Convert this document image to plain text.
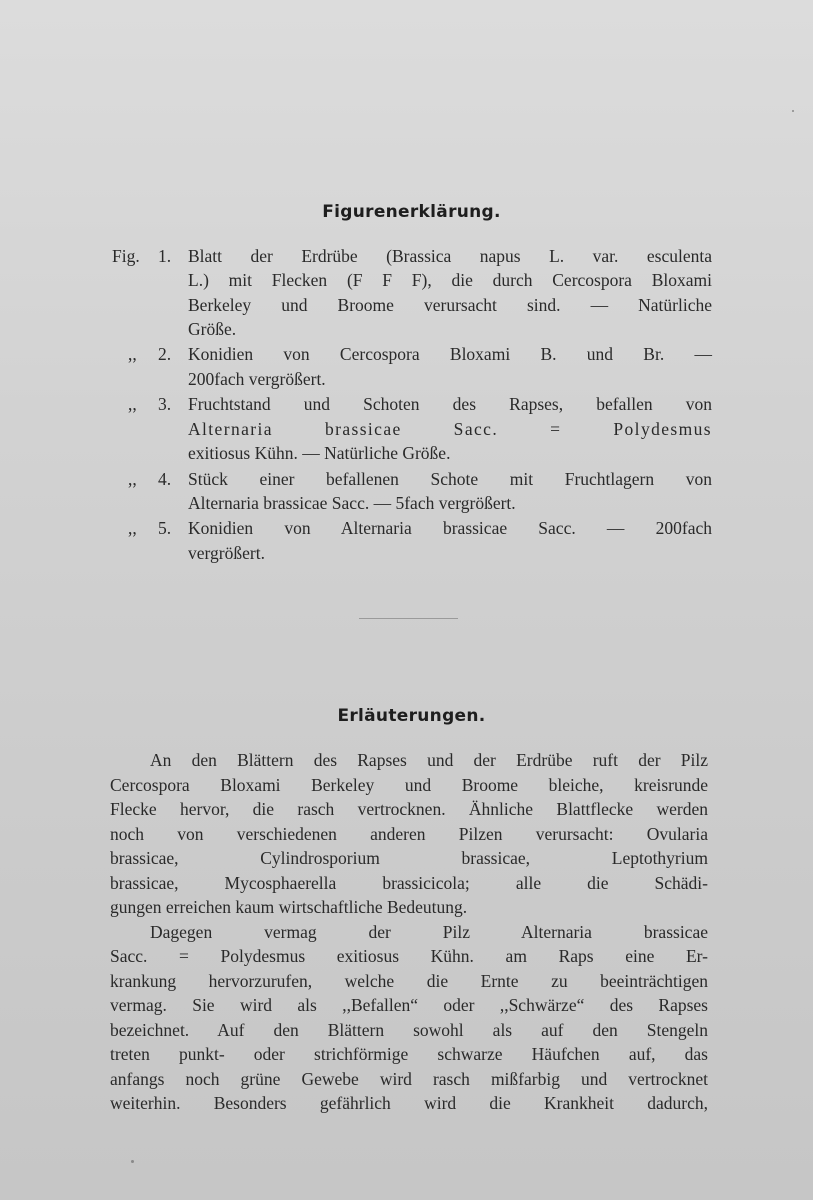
Figurenerklärung.
Fig.	1. Blatt der Erdrübe (Brassica napus L. var. esculenta
L.) mit Flecken (F F F), die durch Cercospora Bloxami
Berkeley und Broome verursacht sind. — Natürliche
Größe.
,,	2. Konidien von Cercospora Bloxami B. und Br. —
200fach vergrößert.
,,	3. Fruchtstand und Schoten des Rapses, befallen von
Alternaria brassicae Sacc. = Polydesmus
exitiosus Kühn. — Natürliche Größe.
,,	4. Stück einer befallenen Schote mit Fruchtlagern von
Alternaria brassicae Sacc. — 5fach vergrößert.
,,	5. Konidien von Alternaria brassicae Sacc. — 200fach
vergrößert.
Erläuterungen.
An den Blättern des Rapses und der Erdrübe ruft der Pilz
Cercospora Bloxami Berkeley und Broome bleiche, kreisrunde
Flecke hervor, die rasch vertrocknen. Ähnliche Blattflecke werden
noch von verschiedenen anderen Pilzen verursacht: Ovularia
brassicae, Cylindrosporium brassicae, Leptothyrium
brassicae, Mycosphaerella brassicicola; alle die Schädi-
gungen erreichen kaum wirtschaftliche Bedeutung.
Dagegen vermag der Pilz Alternaria brassicae
Sacc. = Polydesmus exitiosus Kühn. am Raps eine Er-
krankung hervorzurufen, welche die Ernte zu beeinträchtigen
vermag. Sie wird als ,,Befallen“ oder ,,Schwärze“ des Rapses
bezeichnet. Auf den Blättern sowohl als auf den Stengeln
treten punkt- oder strichförmige schwarze Häufchen auf, das
anfangs noch grüne Gewebe wird rasch mißfarbig und vertrocknet
weiterhin. Besonders gefährlich wird die Krankheit dadurch,
